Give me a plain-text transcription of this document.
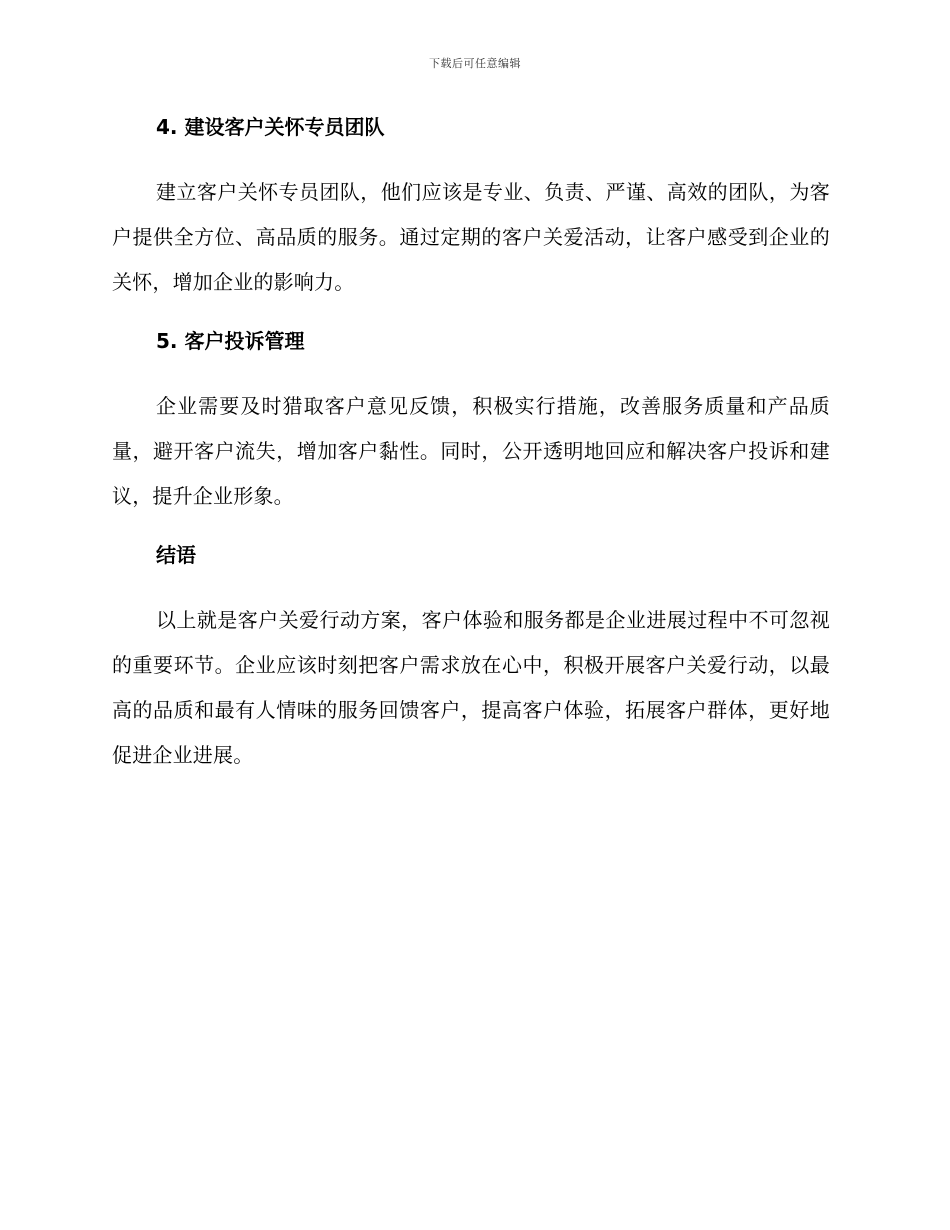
下载后可任意编辑
4. 建设客户关怀专员团队

建立客户关怀专员团队，他们应该是专业、负责、严谨、高效的团队，为客户提供全方位、高品质的服务。通过定期的客户关爱活动，让客户感受到企业的关怀，增加企业的影响力。

5. 客户投诉管理

企业需要及时猎取客户意见反馈，积极实行措施，改善服务质量和产品质量，避开客户流失，增加客户黏性。同时，公开透明地回应和解决客户投诉和建议，提升企业形象。

结语

以上就是客户关爱行动方案，客户体验和服务都是企业进展过程中不可忽视的重要环节。企业应该时刻把客户需求放在心中，积极开展客户关爱行动，以最高的品质和最有人情味的服务回馈客户，提高客户体验，拓展客户群体，更好地促进企业进展。
